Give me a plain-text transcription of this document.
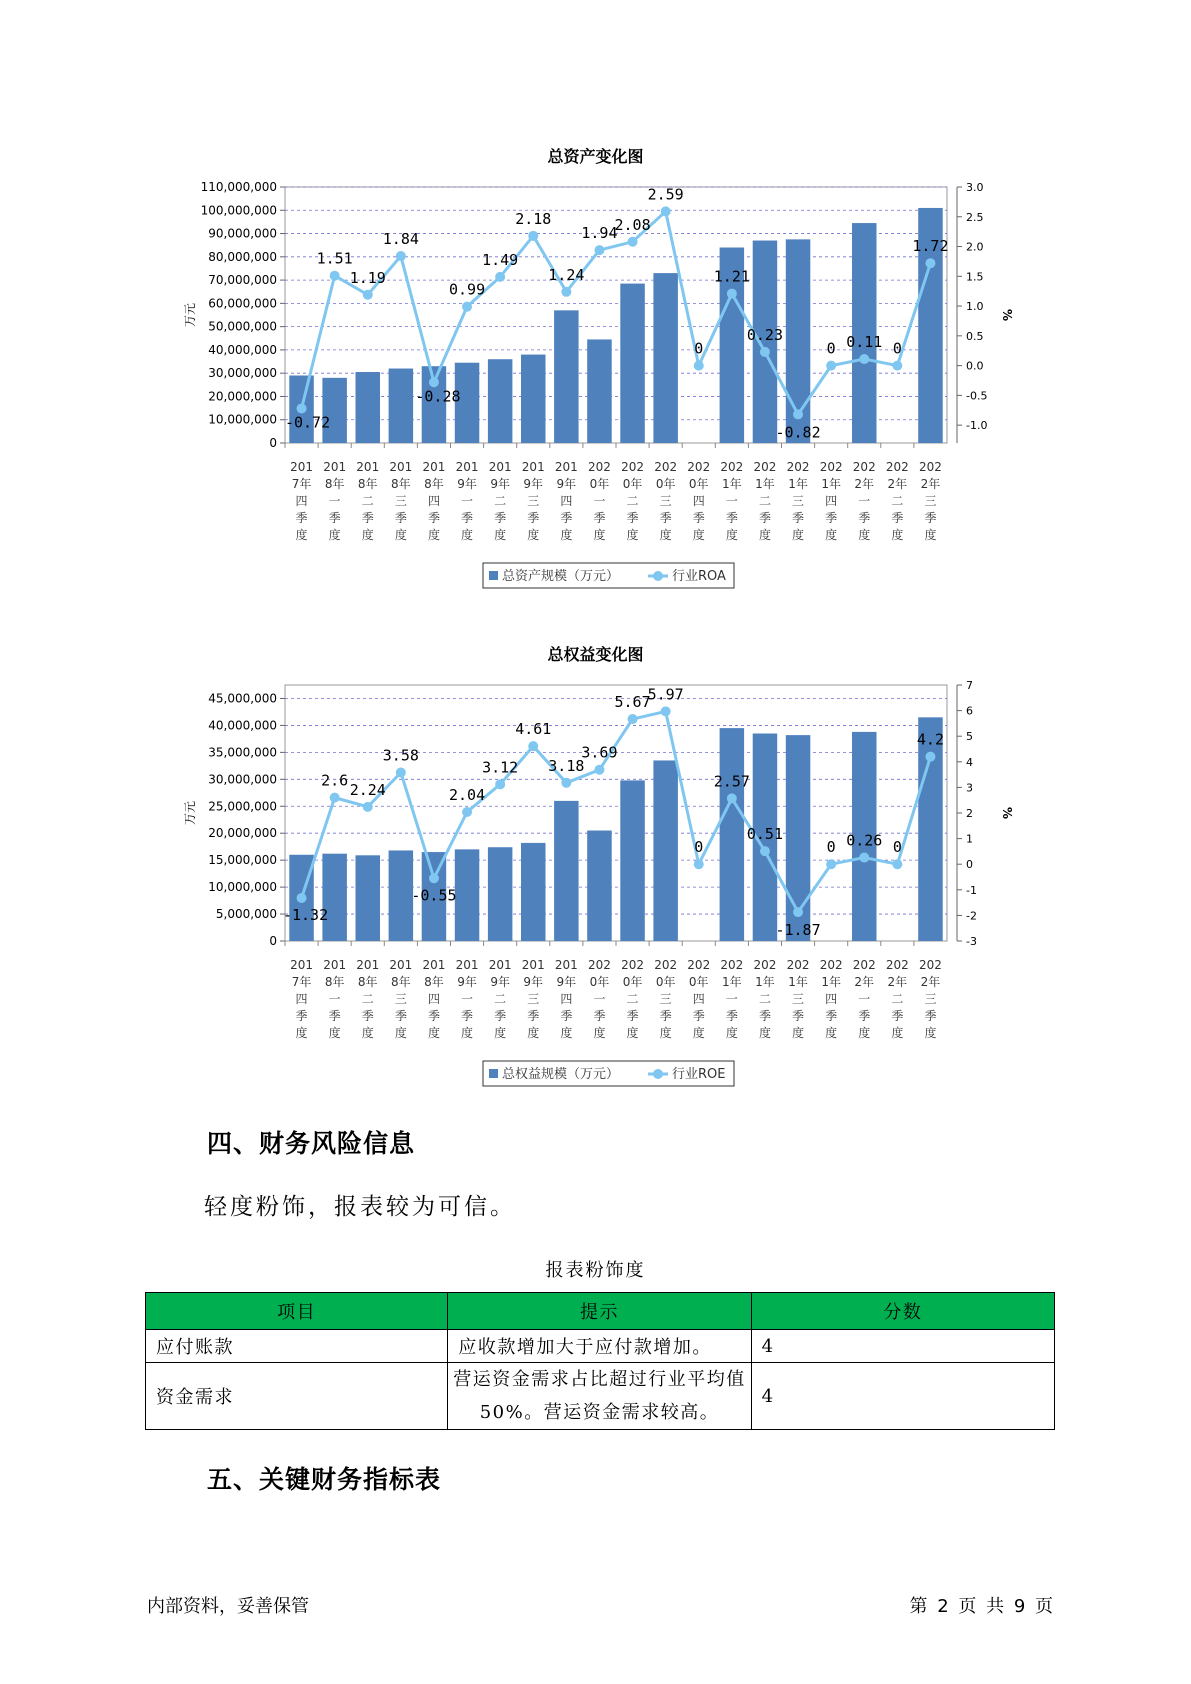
总资产变化图
0
10,000,000
20,000,000
30,000,000
40,000,000
50,000,000
60,000,000
70,000,000
80,000,000
90,000,000
100,000,000
110,000,000
-1.0
-0.5
0.0
0.5
1.0
1.5
2.0
2.5
3.0
万元	%
201
7年
四
季
度
201
8年
一
季
度
201
8年
二
季
度
201
8年
三
季
度
201
8年
四
季
度
201
9年
一
季
度
201
9年
二
季
度
201
9年
三
季
度
201
9年
四
季
度
202
0年
一
季
度
202
0年
二
季
度
202
0年
三
季
度
202
0年
四
季
度
202
1年
一
季
度
202
1年
二
季
度
202
1年
三
季
度
202
1年
四
季
度
202
2年
一
季
度
202
2年
二
季
度
202
2年
三
季
度
-0.72
1.51
1.19
1.84
-0.28
0.99
1.49
2.18
1.24
1.94
2.08
2.59
0
1.21
0.23
-0.82
0 0.11 0
1.72
总资产规模（万元）	行业ROA
总权益变化图
0
5,000,000
10,000,000
15,000,000
20,000,000
25,000,000
30,000,000
35,000,000
40,000,000
45,000,000
-3
-2
-1
0
1
2
3
4
5
6
7
万元	%
201
7年
四
季
度
201
8年
一
季
度
201
8年
二
季
度
201
8年
三
季
度
201
8年
四
季
度
201
9年
一
季
度
201
9年
二
季
度
201
9年
三
季
度
201
9年
四
季
度
202
0年
一
季
度
202
0年
二
季
度
202
0年
三
季
度
202
0年
四
季
度
202
1年
一
季
度
202
1年
二
季
度
202
1年
三
季
度
202
1年
四
季
度
202
2年
一
季
度
202
2年
二
季
度
202
2年
三
季
度
-1.32
2.6
2.24
3.58
-0.55
2.04
3.12
4.61
3.18
3.69
5.67
5.97
0
2.57
0.51
-1.87
0 0.26 0
4.2
总权益规模（万元）	行业ROE
四、财务风险信息

轻度粉饰，报表较为可信。

报表粉饰度
项目	提示	分数
应付账款	应收款增加大于应付款增加。	4
资金需求	营运资金需求占比超过行业平均值50%。营运资金需求较高。	4
五、关键财务指标表
内部资料，妥善保管	第 2 页 共 9 页
